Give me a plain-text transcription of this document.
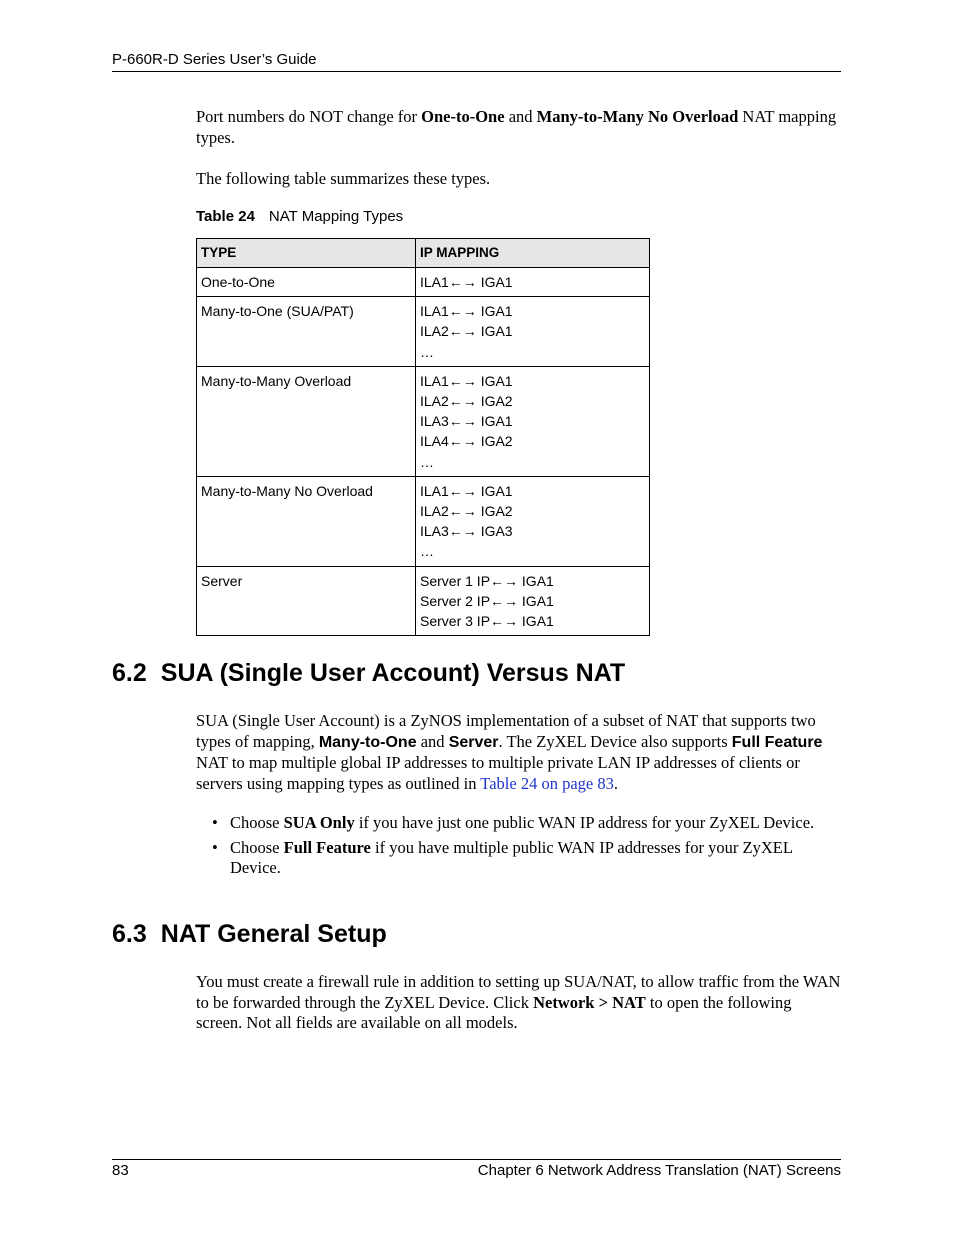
P-660R-D Series User’s Guide
Port numbers do NOT change for One-to-One and Many-to-Many No Overload NAT mapping types.
The following table summarizes these types.
Table 24 NAT Mapping Types
TYPE	IP MAPPING
One-to-One	ILA1←→ IGA1

Many-to-One (SUA/PAT)	ILA1←→ IGA1
ILA2←→ IGA1
…

Many-to-Many Overload	ILA1←→ IGA1
ILA2←→ IGA2
ILA3←→ IGA1
ILA4←→ IGA2
…

Many-to-Many No Overload	ILA1←→ IGA1
ILA2←→ IGA2
ILA3←→ IGA3
…

Server	Server 1 IP←→ IGA1
Server 2 IP←→ IGA1
Server 3 IP←→ IGA1
6.2 SUA (Single User Account) Versus NAT
SUA (Single User Account) is a ZyNOS implementation of a subset of NAT that supports two types of mapping, Many-to-One and Server. The ZyXEL Device also supports Full Feature NAT to map multiple global IP addresses to multiple private LAN IP addresses of clients or servers using mapping types as outlined in Table 24 on page 83.
• Choose SUA Only if you have just one public WAN IP address for your ZyXEL Device.
• Choose Full Feature if you have multiple public WAN IP addresses for your ZyXEL Device.
6.3 NAT General Setup
You must create a firewall rule in addition to setting up SUA/NAT, to allow traffic from the WAN to be forwarded through the ZyXEL Device. Click Network > NAT to open the following screen. Not all fields are available on all models.
83	Chapter 6 Network Address Translation (NAT) Screens
